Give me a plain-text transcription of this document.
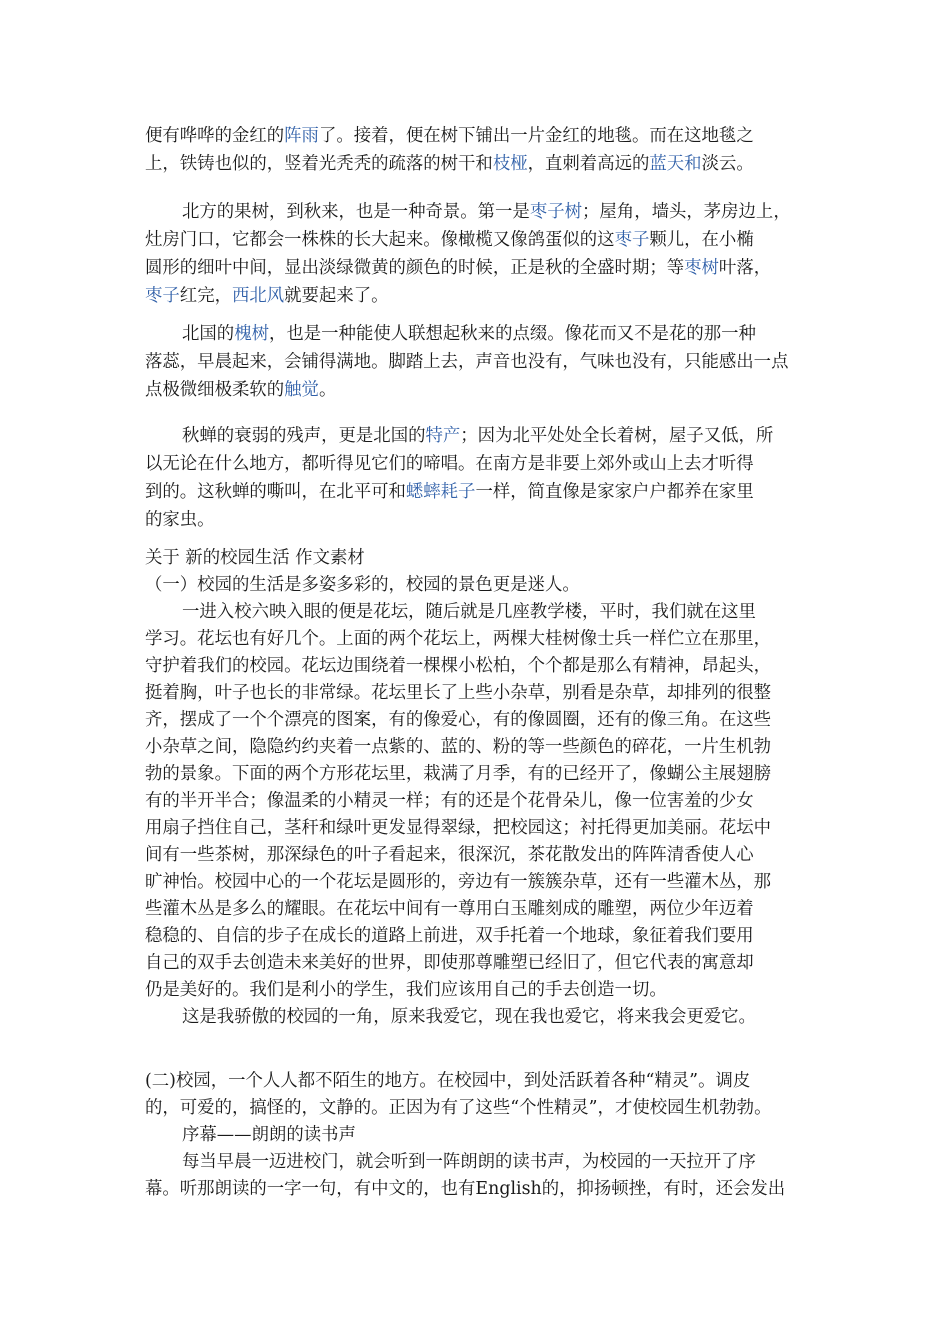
便有哗哗的金红的阵雨了。接着，便在树下铺出一片金红的地毯。而在这地毯之
上，铁铸也似的，竖着光秃秃的疏落的树干和枝桠，直刺着高远的蓝天和淡云。
北方的果树，到秋来，也是一种奇景。第一是枣子树；屋角，墙头，茅房边上，
灶房门口，它都会一株株的长大起来。像橄榄又像鸽蛋似的这枣子颗儿，在小椭
圆形的细叶中间，显出淡绿微黄的颜色的时候，正是秋的全盛时期；等枣树叶落，
枣子红完，西北风就要起来了。
北国的槐树，也是一种能使人联想起秋来的点缀。像花而又不是花的那一种
落蕊，早晨起来，会铺得满地。脚踏上去，声音也没有，气味也没有，只能感出一点
点极微细极柔软的触觉。
秋蝉的衰弱的残声，更是北国的特产；因为北平处处全长着树，屋子又低，所
以无论在什么地方，都听得见它们的啼唱。在南方是非要上郊外或山上去才听得
到的。这秋蝉的嘶叫，在北平可和蟋蟀耗子一样，简直像是家家户户都养在家里
的家虫。
关于 新的校园生活 作文素材
（一）校园的生活是多姿多彩的，校园的景色更是迷人。
一进入校六映入眼的便是花坛，随后就是几座教学楼，平时，我们就在这里
学习。花坛也有好几个。上面的两个花坛上，两棵大桂树像士兵一样伫立在那里，
守护着我们的校园。花坛边围绕着一棵棵小松柏，个个都是那么有精神，昂起头，
挺着胸，叶子也长的非常绿。花坛里长了上些小杂草，别看是杂草，却排列的很整
齐，摆成了一个个漂亮的图案，有的像爱心，有的像圆圈，还有的像三角。在这些
小杂草之间，隐隐约约夹着一点紫的、蓝的、粉的等一些颜色的碎花，一片生机勃
勃的景象。下面的两个方形花坛里，栽满了月季，有的已经开了，像蝴公主展翅膀
有的半开半合；像温柔的小精灵一样；有的还是个花骨朵儿，像一位害羞的少女
用扇子挡住自己，茎秆和绿叶更发显得翠绿，把校园这；衬托得更加美丽。花坛中
间有一些茶树，那深绿色的叶子看起来，很深沉，茶花散发出的阵阵清香使人心
旷神怡。校园中心的一个花坛是圆形的，旁边有一簇簇杂草，还有一些灌木丛，那
些灌木丛是多么的耀眼。在花坛中间有一尊用白玉雕刻成的雕塑，两位少年迈着
稳稳的、自信的步子在成长的道路上前进，双手托着一个地球，象征着我们要用
自己的双手去创造未来美好的世界，即使那尊雕塑已经旧了，但它代表的寓意却
仍是美好的。我们是利小的学生，我们应该用自己的手去创造一切。
这是我骄傲的校园的一角，原来我爱它，现在我也爱它，将来我会更爱它。
(二)校园，一个人人都不陌生的地方。在校园中，到处活跃着各种“精灵”。调皮
的，可爱的，搞怪的，文静的。正因为有了这些“个性精灵”，才使校园生机勃勃。
序幕——朗朗的读书声
每当早晨一迈进校门，就会听到一阵朗朗的读书声，为校园的一天拉开了序
幕。听那朗读的一字一句，有中文的，也有English的，抑扬顿挫，有时，还会发出
